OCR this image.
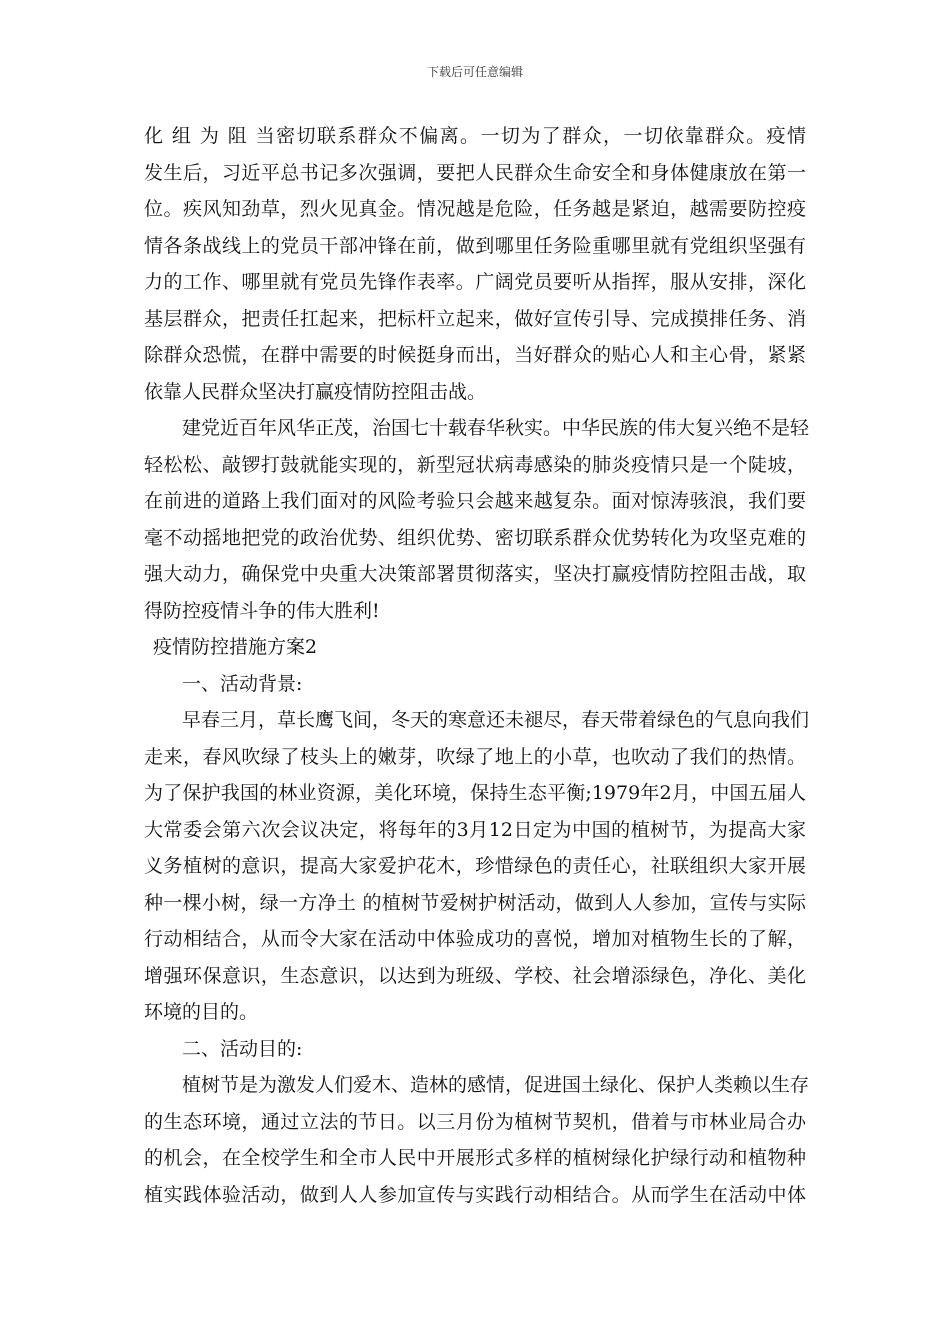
下载后可任意编辑
化 组 为 阻 当密切联系群众不偏离。一切为了群众，一切依靠群众。疫情
发生后，习近平总书记多次强调，要把人民群众生命安全和身体健康放在第一
位。疾风知劲草，烈火见真金。情况越是危险，任务越是紧迫，越需要防控疫
情各条战线上的党员干部冲锋在前，做到哪里任务险重哪里就有党组织坚强有
力的工作、哪里就有党员先锋作表率。广阔党员要听从指挥，服从安排，深化
基层群众，把责任扛起来，把标杆立起来，做好宣传引导、完成摸排任务、消
除群众恐慌，在群中需要的时候挺身而出，当好群众的贴心人和主心骨，紧紧
依靠人民群众坚决打赢疫情防控阻击战。
建党近百年风华正茂，治国七十载春华秋实。中华民族的伟大复兴绝不是轻
轻松松、敲锣打鼓就能实现的，新型冠状病毒感染的肺炎疫情只是一个陡坡，
在前进的道路上我们面对的风险考验只会越来越复杂。面对惊涛骇浪，我们要
毫不动摇地把党的政治优势、组织优势、密切联系群众优势转化为攻坚克难的
强大动力，确保党中央重大决策部署贯彻落实，坚决打赢疫情防控阻击战，取
得防控疫情斗争的伟大胜利!
疫情防控措施方案2
一、活动背景:
早春三月，草长鹰飞间，冬天的寒意还未褪尽，春天带着绿色的气息向我们
走来，春风吹绿了枝头上的嫩芽，吹绿了地上的小草，也吹动了我们的热情。
为了保护我国的林业资源，美化环境，保持生态平衡;1979年2月，中国五届人
大常委会第六次会议决定，将每年的3月12日定为中国的植树节，为提高大家
义务植树的意识，提高大家爱护花木，珍惜绿色的责任心，社联组织大家开展
种一棵小树，绿一方净土 的植树节爱树护树活动，做到人人参加，宣传与实际
行动相结合，从而令大家在活动中体验成功的喜悦，增加对植物生长的了解，
增强环保意识，生态意识，以达到为班级、学校、社会增添绿色，净化、美化
环境的目的。
二、活动目的:
植树节是为激发人们爱木、造林的感情，促进国土绿化、保护人类赖以生存
的生态环境，通过立法的节日。以三月份为植树节契机，借着与市林业局合办
的机会，在全校学生和全市人民中开展形式多样的植树绿化护绿行动和植物种
植实践体验活动，做到人人参加宣传与实践行动相结合。从而学生在活动中体
